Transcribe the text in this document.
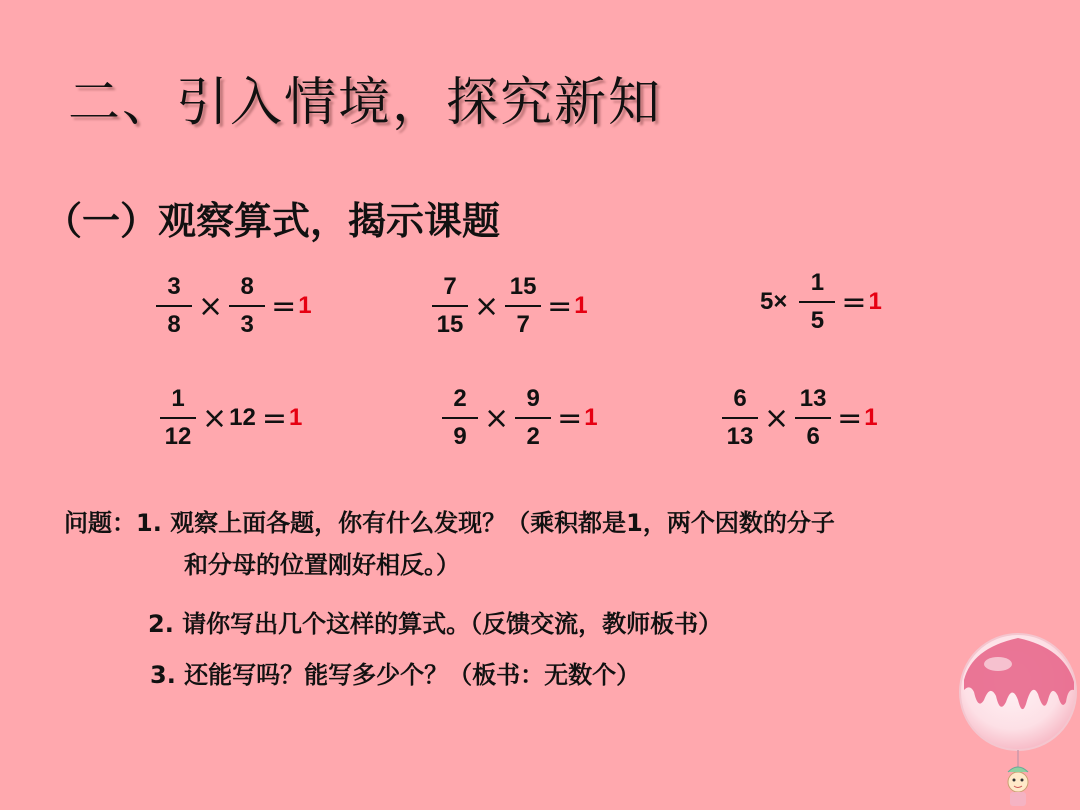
二、引入情境，探究新知
（一）观察算式，揭示课题
$\frac{3}{8} \times \frac{8}{3} = 1$	$\frac{7}{15} \times \frac{15}{7} = 1$	$5\times \frac{1}{5} = 1$
$\frac{1}{12} \times 12 = 1$	$\frac{2}{9} \times \frac{9}{2} = 1$	$\frac{6}{13} \times \frac{13}{6} = 1$
问题：1. 观察上面各题，你有什么发现？（乘积都是1，两个因数的分子
和分母的位置刚好相反。）
2. 请你写出几个这样的算式。（反馈交流，教师板书）
3. 还能写吗？能写多少个？（板书：无数个）
